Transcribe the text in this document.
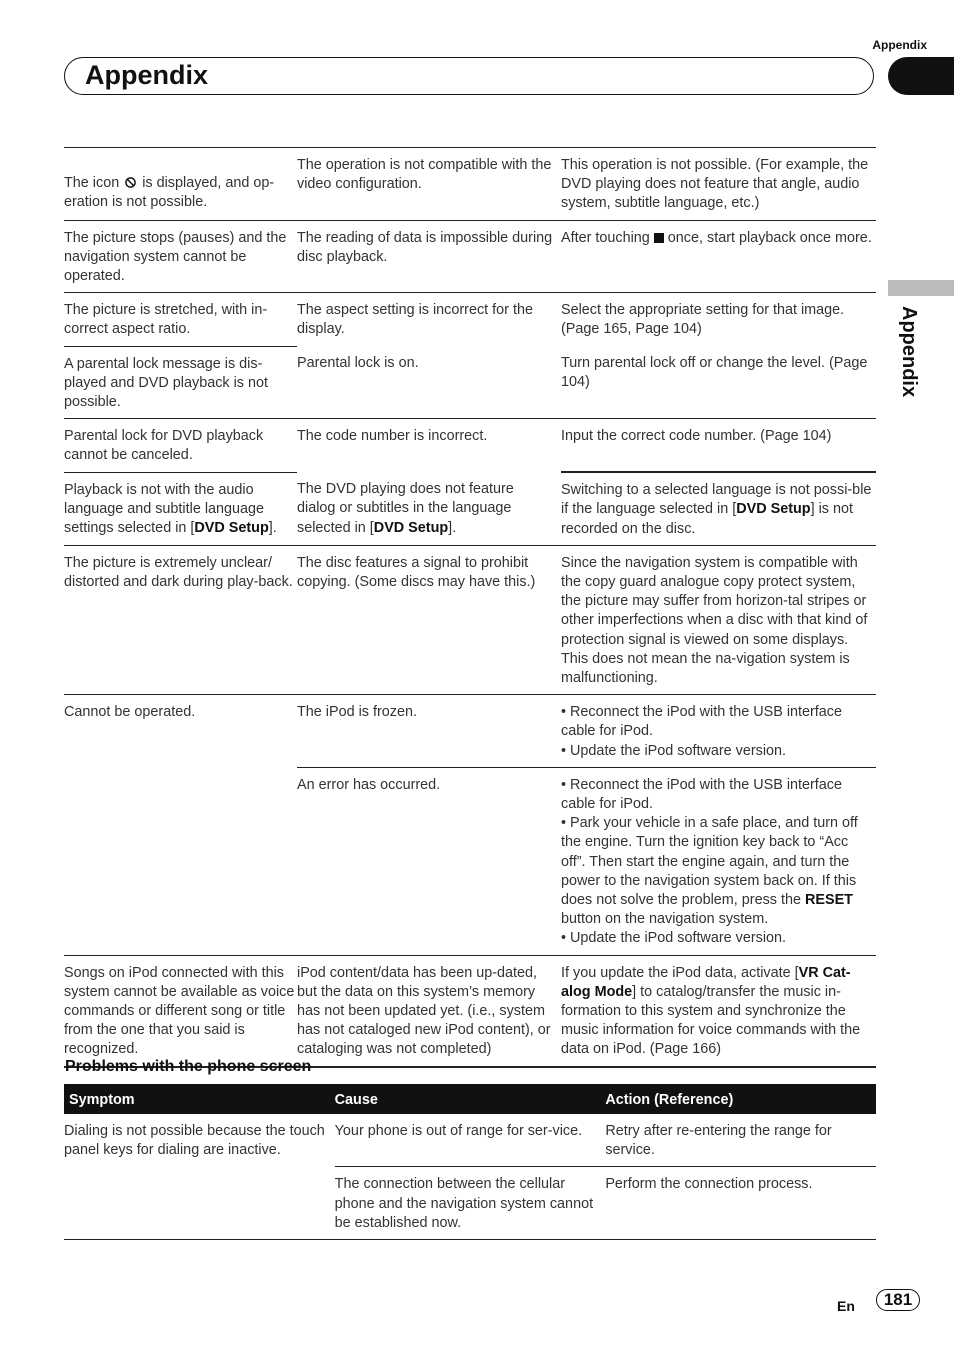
Appendix
Appendix
Appendix
The icon is displayed, and op-eration is not possible.	The operation is not compatible with the video configuration.	This operation is not possible. (For example, the DVD playing does not feature that angle, audio system, subtitle language, etc.)
The picture stops (pauses) and the navigation system cannot be operated.	The reading of data is impossible during disc playback.	After touching once, start playback once more.
The picture is stretched, with in-correct aspect ratio.	The aspect setting is incorrect for the display.	Select the appropriate setting for that image. (Page 165, Page 104)
A parental lock message is dis-played and DVD playback is not possible.	Parental lock is on.	Turn parental lock off or change the level. (Page 104)
Parental lock for DVD playback cannot be canceled.	The code number is incorrect.	Input the correct code number. (Page 104)
Playback is not with the audio language and subtitle language settings selected in [DVD Setup].	The DVD playing does not feature dialog or subtitles in the language selected in [DVD Setup].	Switching to a selected language is not possi-ble if the language selected in [DVD Setup] is not recorded on the disc.
The picture is extremely unclear/ distorted and dark during play-back.	The disc features a signal to prohibit copying. (Some discs may have this.)	Since the navigation system is compatible with the copy guard analogue copy protect system, the picture may suffer from horizon-tal stripes or other imperfections when a disc with that kind of protection signal is viewed on some displays. This does not mean the na-vigation system is malfunctioning.
Cannot be operated.	The iPod is frozen.	• Reconnect the iPod with the USB interface cable for iPod.
• Update the iPod software version.

	An error has occurred.	• Reconnect the iPod with the USB interface cable for iPod.
• Park your vehicle in a safe place, and turn off the engine. Turn the ignition key back to “Acc off”. Then start the engine again, and turn the power to the navigation system back on. If this does not solve the problem, press the RESET button on the navigation system.
• Update the iPod software version.

Songs on iPod connected with this system cannot be available as voice commands or different song or title from the one that you said is recognized.	iPod content/data has been up-dated, but the data on this system’s memory has not been updated yet. (i.e., system has not cataloged new iPod content), or cataloging was not completed)	If you update the iPod data, activate [VR Cat-alog Mode] to catalog/transfer the music in-formation to this system and synchronize the music information for voice commands with the data on iPod. (Page 166)
Problems with the phone screen
Symptom	Cause	Action (Reference)
Dialing is not possible because the touch panel keys for dialing are inactive.	Your phone is out of range for ser-vice.	Retry after re-entering the range for service.
	The connection between the cellular phone and the navigation system cannot be established now.	Perform the connection process.
En	181
